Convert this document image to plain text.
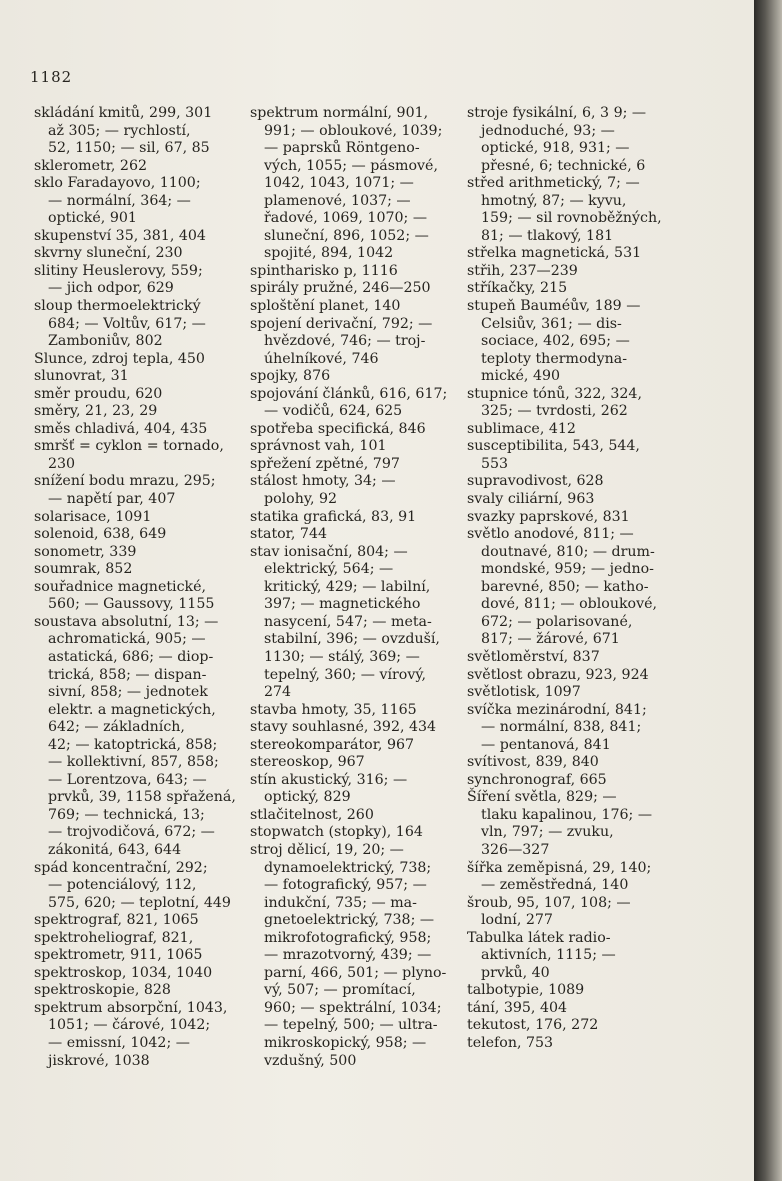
1182
skládání kmitů, 299, 301
až 305; — rychlostí,
52, 1150; — sil, 67, 85
sklerometr, 262
sklo Faradayovo, 1100;
— normální, 364; —
optické, 901
skupenství 35, 381, 404
skvrny sluneční, 230
slitiny Heuslerovy, 559;
— jich odpor, 629
sloup thermoelektrický
684; — Voltův, 617; —
Zamboniův, 802
Slunce, zdroj tepla, 450
slunovrat, 31
směr proudu, 620
směry, 21, 23, 29
směs chladivá, 404, 435
smršť = cyklon = tornado,
230
snížení bodu mrazu, 295;
— napětí par, 407
solarisace, 1091
solenoid, 638, 649
sonometr, 339
soumrak, 852
souřadnice magnetické,
560; — Gaussovy, 1155
soustava absolutní, 13; —
achromatická, 905; —
astatická, 686; — diop-
trická, 858; — dispan-
sivní, 858; — jednotek
elektr. a magnetických,
642; — základních,
42; — katoptrická, 858;
— kollektivní, 857, 858;
— Lorentzova, 643; —
prvků, 39, 1158 spřažená,
769; — technická, 13;
— trojvodičová, 672; —
zákonitá, 643, 644
spád koncentrační, 292;
— potenciálový, 112,
575, 620; — teplotní, 449
spektrograf, 821, 1065
spektroheliograf, 821,
spektrometr, 911, 1065
spektroskop, 1034, 1040
spektroskopie, 828
spektrum absorpční, 1043,
1051; — čárové, 1042;
— emissní, 1042; —
jiskrové, 1038
spektrum normální, 901,
991; — obloukové, 1039;
— paprsků Röntgeno-
vých, 1055; — pásmové,
1042, 1043, 1071; —
plamenové, 1037; —
řadové, 1069, 1070; —
sluneční, 896, 1052; —
spojité, 894, 1042
spintharisko p, 1116
spirály pružné, 246—250
sploštění planet, 140
spojení derivační, 792; —
hvězdové, 746; — troj-
úhelníkové, 746
spojky, 876
spojování článků, 616, 617;
— vodičů, 624, 625
spotřeba specifická, 846
správnost vah, 101
spřežení zpětné, 797
stálost hmoty, 34; —
polohy, 92
statika grafická, 83, 91
stator, 744
stav ionisační, 804; —
elektrický, 564; —
kritický, 429; — labilní,
397; — magnetického
nasycení, 547; — meta-
stabilní, 396; — ovzduší,
1130; — stálý, 369; —
tepelný, 360; — vírový,
274
stavba hmoty, 35, 1165
stavy souhlasné, 392, 434
stereokomparátor, 967
stereoskop, 967
stín akustický, 316; —
optický, 829
stlačitelnost, 260
stopwatch (stopky), 164
stroj dělicí, 19, 20; —
dynamoelektrický, 738;
— fotografický, 957; —
indukční, 735; — ma-
gnetoelektrický, 738; —
mikrofotografický, 958;
— mrazotvorný, 439; —
parní, 466, 501; — plyno-
vý, 507; — promítací,
960; — spektrální, 1034;
— tepelný, 500; — ultra-
mikroskopický, 958; —
vzdušný, 500
stroje fysikální, 6, 3 9; —
jednoduché, 93; —
optické, 918, 931; —
přesné, 6; technické, 6
střed arithmetický, 7; —
hmotný, 87; — kyvu,
159; — sil rovnoběžných,
81; — tlakový, 181
střelka magnetická, 531
střih, 237—239
stříkačky, 215
stupeň Bauméův, 189 —
Celsiův, 361; — dis-
sociace, 402, 695; —
teploty thermodyna-
mické, 490
stupnice tónů, 322, 324,
325; — tvrdosti, 262
sublimace, 412
susceptibilita, 543, 544,
553
supravodivost, 628
svaly ciliární, 963
svazky paprskové, 831
světlo anodové, 811; —
doutnavé, 810; — drum-
mondské, 959; — jedno-
barevné, 850; — katho-
dové, 811; — obloukové,
672; — polarisované,
817; — žárové, 671
světloměrství, 837
světlost obrazu, 923, 924
světlotisk, 1097
svíčka mezinárodní, 841;
— normální, 838, 841;
— pentanová, 841
svítivost, 839, 840
synchronograf, 665
Šíření světla, 829; —
tlaku kapalinou, 176; —
vln, 797; — zvuku,
326—327
šířka zeměpisná, 29, 140;
— zeměstředná, 140
šroub, 95, 107, 108; —
lodní, 277
Tabulka látek radio-
aktivních, 1115; —
prvků, 40
talbotypie, 1089
tání, 395, 404
tekutost, 176, 272
telefon, 753
